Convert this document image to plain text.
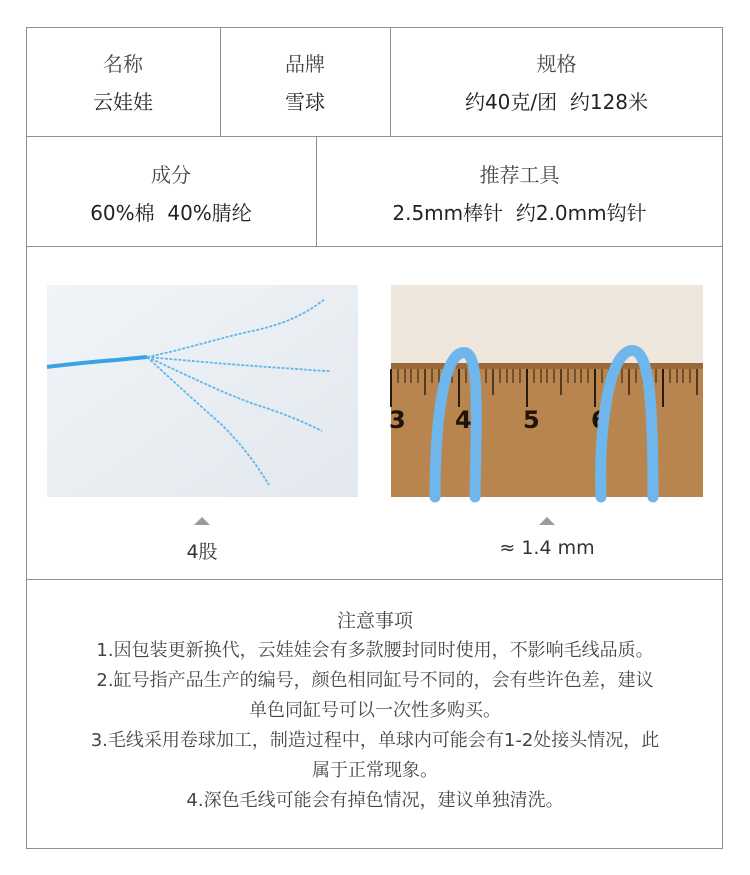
名称
云娃娃
品牌
雪球
规格
约40克/团  约128米
成分
60%棉  40%腈纶
推荐工具
2.5mm棒针  约2.0mm钩针
3 4 5 6
4股	≈ 1.4 mm
注意事项
1.因包装更新换代，云娃娃会有多款腰封同时使用，不影响毛线品质。
2.缸号指产品生产的编号，颜色相同缸号不同的，会有些许色差，建议
单色同缸号可以一次性多购买。
3.毛线采用卷球加工，制造过程中，单球内可能会有1-2处接头情况，此
属于正常现象。
4.深色毛线可能会有掉色情况，建议单独清洗。
